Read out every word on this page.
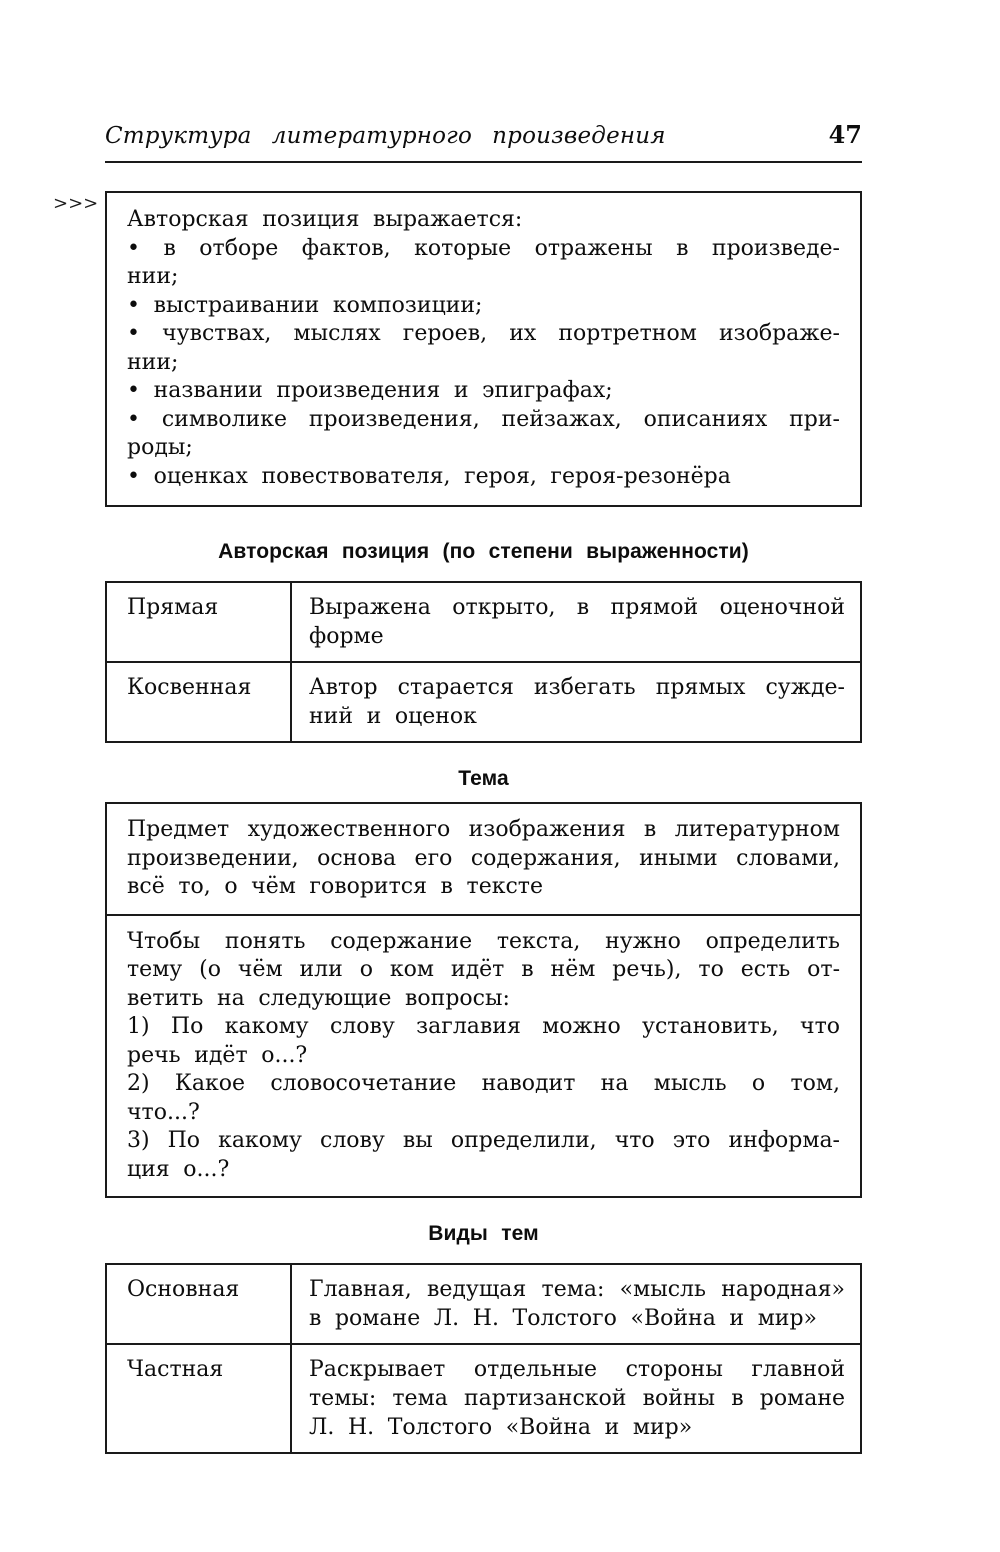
Структура литературного произведения	47
>>>
Авторская позиция выражается:
• в отборе фактов, которые отражены в произведе-
нии;
• выстраивании композиции;
• чувствах, мыслях героев, их портретном изображе-
нии;
• названии произведения и эпиграфах;
• символике произведения, пейзажах, описаниях при-
роды;
• оценках повествователя, героя, героя-резонёра
Авторская позиция (по степени выраженности)
Прямая	Выражена открыто, в прямой оценочной
форме

Косвенная	Автор старается избегать прямых сужде-
ний и оценок
Тема
Предмет художественного изображения в литературном
произведении, основа его содержания, иными словами,
всё то, о чём говорится в тексте
Чтобы понять содержание текста, нужно определить
тему (о чём или о ком идёт в нём речь), то есть от-
ветить на следующие вопросы:
1) По какому слову заглавия можно установить, что
речь идёт о...?
2) Какое словосочетание наводит на мысль о том,
что...?
3) По какому слову вы определили, что это информа-
ция о...?
Виды тем
Основная	Главная, ведущая тема: «мысль народная»
в романе Л. Н. Толстого «Война и мир»

Частная	Раскрывает отдельные стороны главной
темы: тема партизанской войны в романе
Л. Н. Толстого «Война и мир»
